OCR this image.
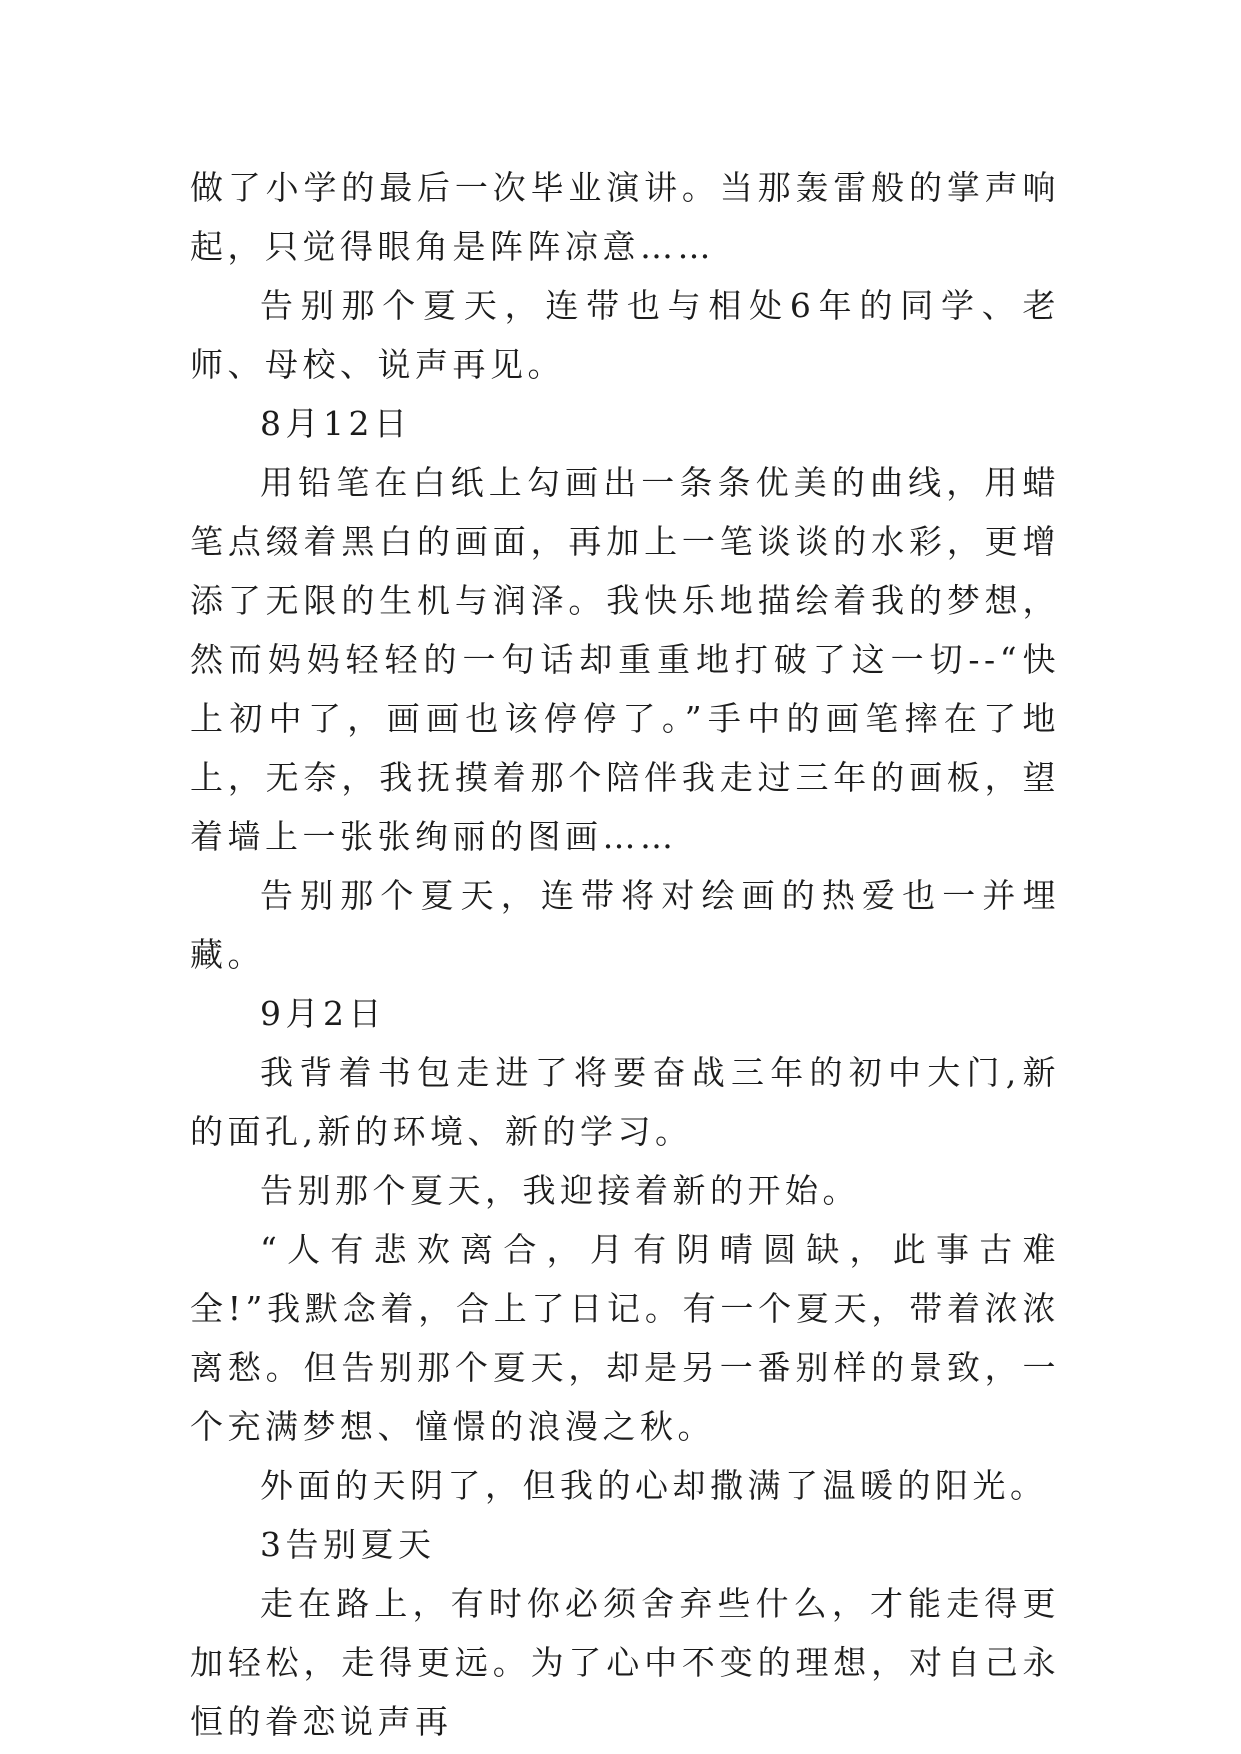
做了小学的最后一次毕业演讲。当那轰雷般的掌声响起，只觉得眼角是阵阵凉意……

告别那个夏天，连带也与相处6年的同学、老师、母校、说声再见。

8月12日

用铅笔在白纸上勾画出一条条优美的曲线，用蜡笔点缀着黑白的画面，再加上一笔谈谈的水彩，更增添了无限的生机与润泽。我快乐地描绘着我的梦想，然而妈妈轻轻的一句话却重重地打破了这一切--“快上初中了，画画也该停停了。”手中的画笔摔在了地上，无奈，我抚摸着那个陪伴我走过三年的画板，望着墙上一张张绚丽的图画……

告别那个夏天，连带将对绘画的热爱也一并埋藏。

9月2日

我背着书包走进了将要奋战三年的初中大门,新的面孔,新的环境、新的学习。

告别那个夏天，我迎接着新的开始。

“人有悲欢离合，月有阴晴圆缺，此事古难全!”我默念着，合上了日记。有一个夏天，带着浓浓离愁。但告别那个夏天，却是另一番别样的景致，一个充满梦想、憧憬的浪漫之秋。

外面的天阴了，但我的心却撒满了温暖的阳光。

3告别夏天

走在路上，有时你必须舍弃些什么，才能走得更加轻松，走得更远。为了心中不变的理想，对自己永恒的眷恋说声再
